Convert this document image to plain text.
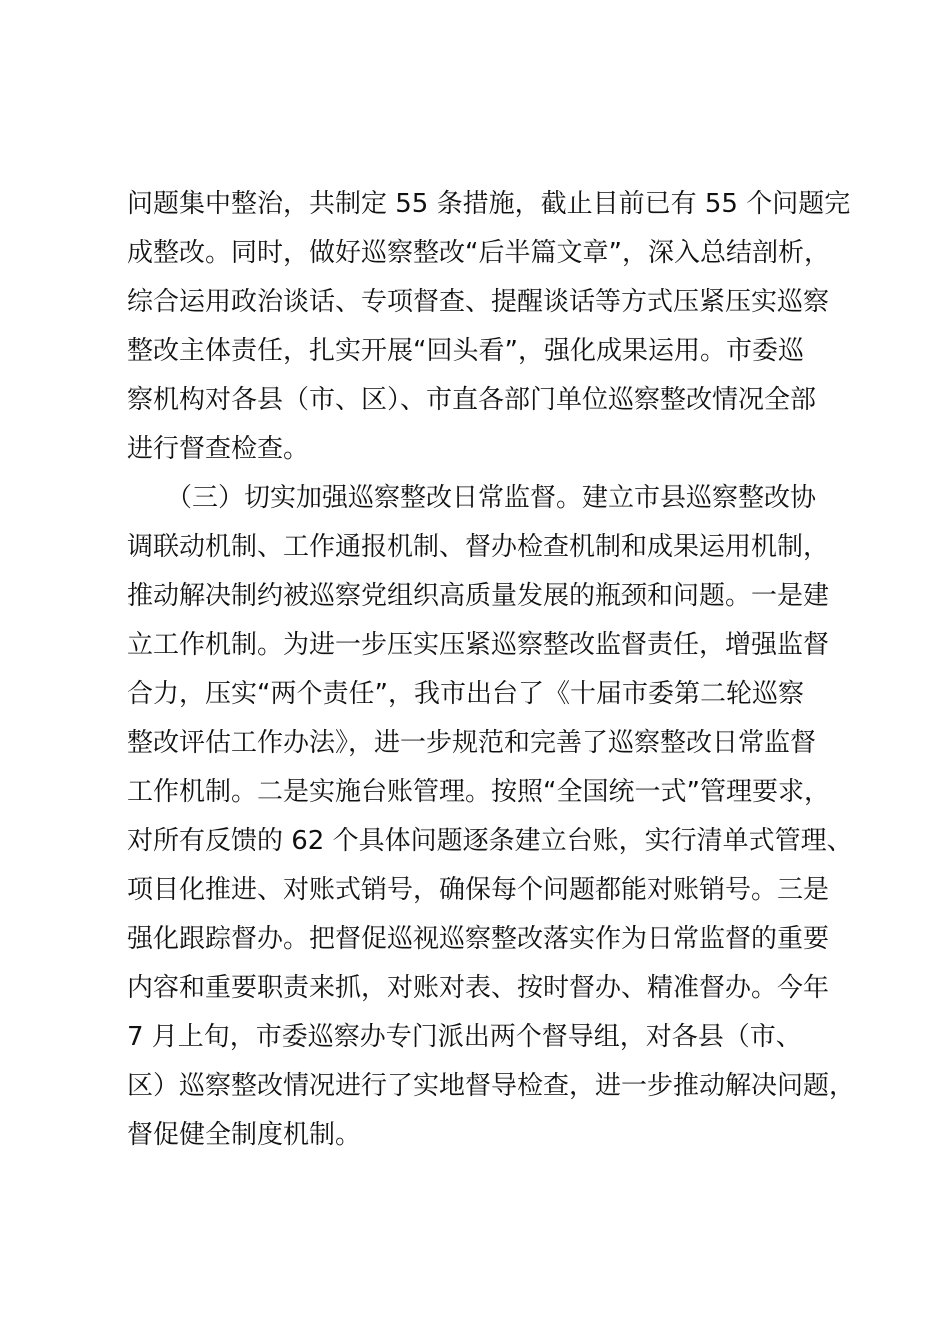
问题集中整治，共制定 55 条措施，截止目前已有 55 个问题完
成整改。同时，做好巡察整改“后半篇文章”，深入总结剖析，
综合运用政治谈话、专项督查、提醒谈话等方式压紧压实巡察
整改主体责任，扎实开展“回头看”，强化成果运用。市委巡
察机构对各县（市、区）、市直各部门单位巡察整改情况全部
进行督查检查。
　　（三）切实加强巡察整改日常监督。建立市县巡察整改协
调联动机制、工作通报机制、督办检查机制和成果运用机制，
推动解决制约被巡察党组织高质量发展的瓶颈和问题。一是建
立工作机制。为进一步压实压紧巡察整改监督责任，增强监督
合力，压实“两个责任”，我市出台了《十届市委第二轮巡察
整改评估工作办法》，进一步规范和完善了巡察整改日常监督
工作机制。二是实施台账管理。按照“全国统一式”管理要求，
对所有反馈的 62 个具体问题逐条建立台账，实行清单式管理、
项目化推进、对账式销号，确保每个问题都能对账销号。三是
强化跟踪督办。把督促巡视巡察整改落实作为日常监督的重要
内容和重要职责来抓，对账对表、按时督办、精准督办。今年
7 月上旬，市委巡察办专门派出两个督导组，对各县（市、
区）巡察整改情况进行了实地督导检查，进一步推动解决问题，
督促健全制度机制。
